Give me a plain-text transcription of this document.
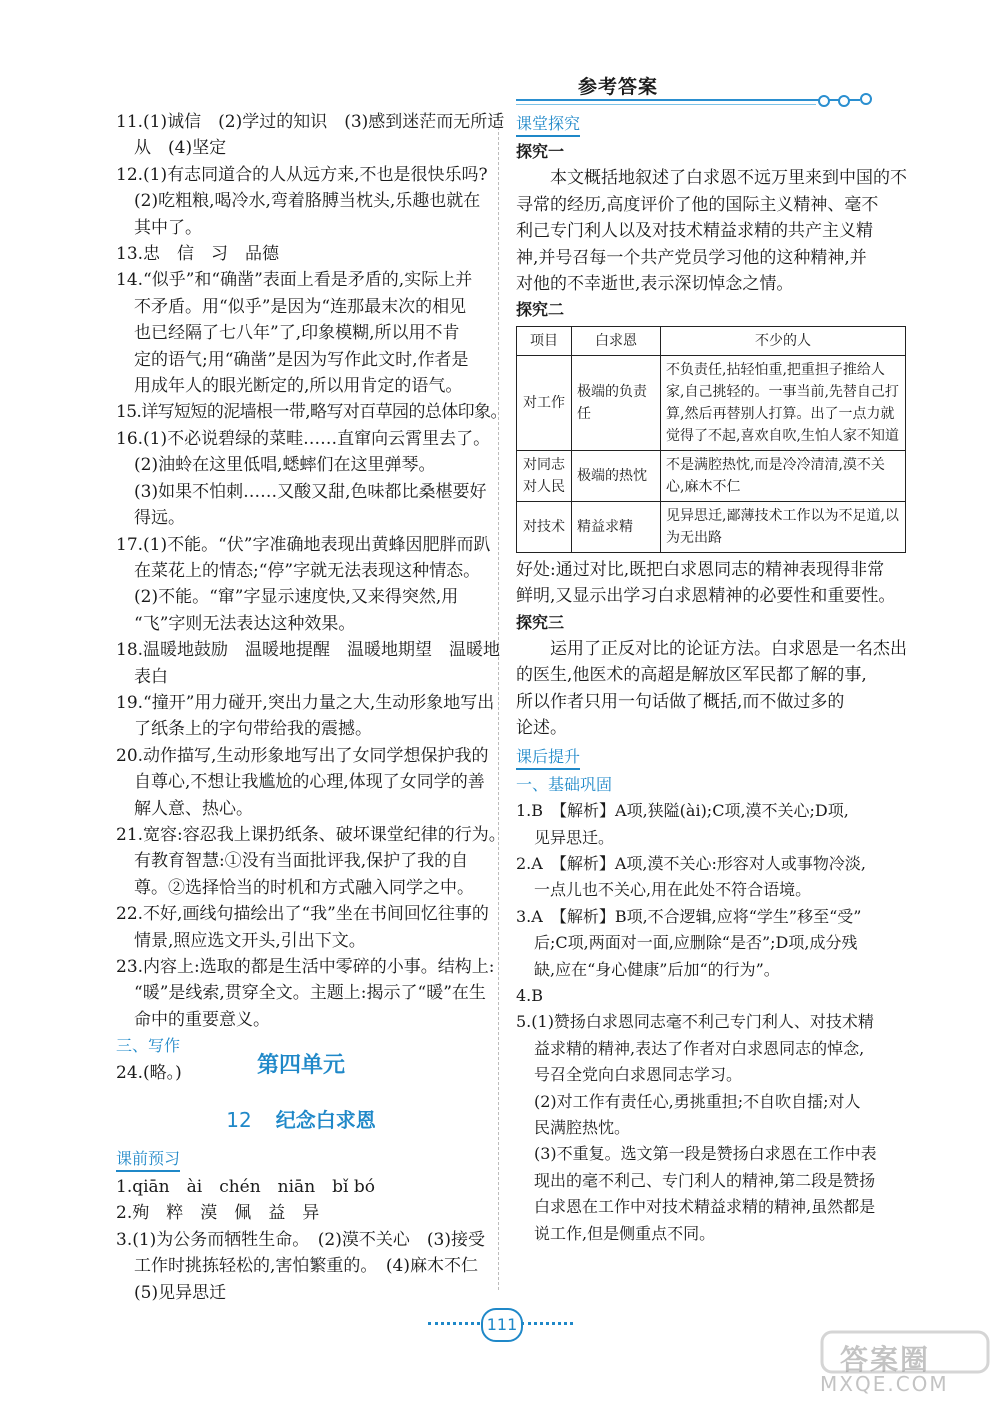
参考答案
11.(1)诚信　(2)学过的知识　(3)感到迷茫而无所适
从　(4)坚定
12.(1)有志同道合的人从远方来,不也是很快乐吗?
(2)吃粗粮,喝冷水,弯着胳膊当枕头,乐趣也就在
其中了。
13.忠　信　习　品德
14.“似乎”和“确凿”表面上看是矛盾的,实际上并
不矛盾。用“似乎”是因为“连那最末次的相见
也已经隔了七八年”了,印象模糊,所以用不肯
定的语气;用“确凿”是因为写作此文时,作者是
用成年人的眼光断定的,所以用肯定的语气。
15.详写短短的泥墙根一带,略写对百草园的总体印象。
16.(1)不必说碧绿的菜畦……直窜向云霄里去了。
(2)油蛉在这里低唱,蟋蟀们在这里弹琴。
(3)如果不怕刺……又酸又甜,色味都比桑椹要好
得远。
17.(1)不能。“伏”字准确地表现出黄蜂因肥胖而趴
在菜花上的情态;“停”字就无法表现这种情态。
(2)不能。“窜”字显示速度快,又来得突然,用
“飞”字则无法表达这种效果。
18.温暖地鼓励　温暖地提醒　温暖地期望　温暖地
表白
19.“撞开”用力碰开,突出力量之大,生动形象地写出
了纸条上的字句带给我的震撼。
20.动作描写,生动形象地写出了女同学想保护我的
自尊心,不想让我尴尬的心理,体现了女同学的善
解人意、热心。
21.宽容:容忍我上课扔纸条、破坏课堂纪律的行为。
有教育智慧:①没有当面批评我,保护了我的自
尊。②选择恰当的时机和方式融入同学之中。
22.不好,画线句描绘出了“我”坐在书间回忆往事的
情景,照应选文开头,引出下文。
23.内容上:选取的都是生活中零碎的小事。结构上:
“暖”是线索,贯穿全文。主题上:揭示了“暖”在生
命中的重要意义。
三、写作
24.(略。)	第四单元
12 纪念白求恩
课前预习
1.qiān　ài　chén　niān　bǐ bó
2.殉　粹　漠　佩　益　异
3.(1)为公务而牺牲生命。　(2)漠不关心　(3)接受
工作时挑拣轻松的,害怕繁重的。　(4)麻木不仁
(5)见异思迁
课堂探究
探究一
本文概括地叙述了白求恩不远万里来到中国的不
寻常的经历,高度评价了他的国际主义精神、毫不
利己专门利人以及对技术精益求精的共产主义精
神,并号召每一个共产党员学习他的这种精神,并
对他的不幸逝世,表示深切悼念之情。
探究二
项目	白求恩	不少的人
对工作	极端的负责任	不负责任,拈轻怕重,把重担子推给人家,自己挑轻的。一事当前,先替自己打算,然后再替别人打算。出了一点力就觉得了不起,喜欢自吹,生怕人家不知道
对同志对人民	极端的热忱	不是满腔热忱,而是冷冷清清,漠不关心,麻木不仁
对技术	精益求精	见异思迁,鄙薄技术工作以为不足道,以为无出路
好处:通过对比,既把白求恩同志的精神表现得非常
鲜明,又显示出学习白求恩精神的必要性和重要性。
探究三
运用了正反对比的论证方法。白求恩是一名杰出
的医生,他医术的高超是解放区军民都了解的事,
所以作者只用一句话做了概括,而不做过多的
论述。
课后提升
一、基础巩固
1.B　【解析】A项,狭隘(ài);C项,漠不关心;D项,
见异思迁。
2.A　【解析】A项,漠不关心:形容对人或事物冷淡,
一点儿也不关心,用在此处不符合语境。
3.A　【解析】B项,不合逻辑,应将“学生”移至“受”
后;C项,两面对一面,应删除“是否”;D项,成分残
缺,应在“身心健康”后加“的行为”。
4.B
5.(1)赞扬白求恩同志毫不利己专门利人、对技术精
益求精的精神,表达了作者对白求恩同志的悼念,
号召全党向白求恩同志学习。
(2)对工作有责任心,勇挑重担;不自吹自擂;对人
民满腔热忱。
(3)不重复。选文第一段是赞扬白求恩在工作中表
现出的毫不利己、专门利人的精神,第二段是赞扬
白求恩在工作中对技术精益求精的精神,虽然都是
说工作,但是侧重点不同。
111
答案圈
MXQE.COM
